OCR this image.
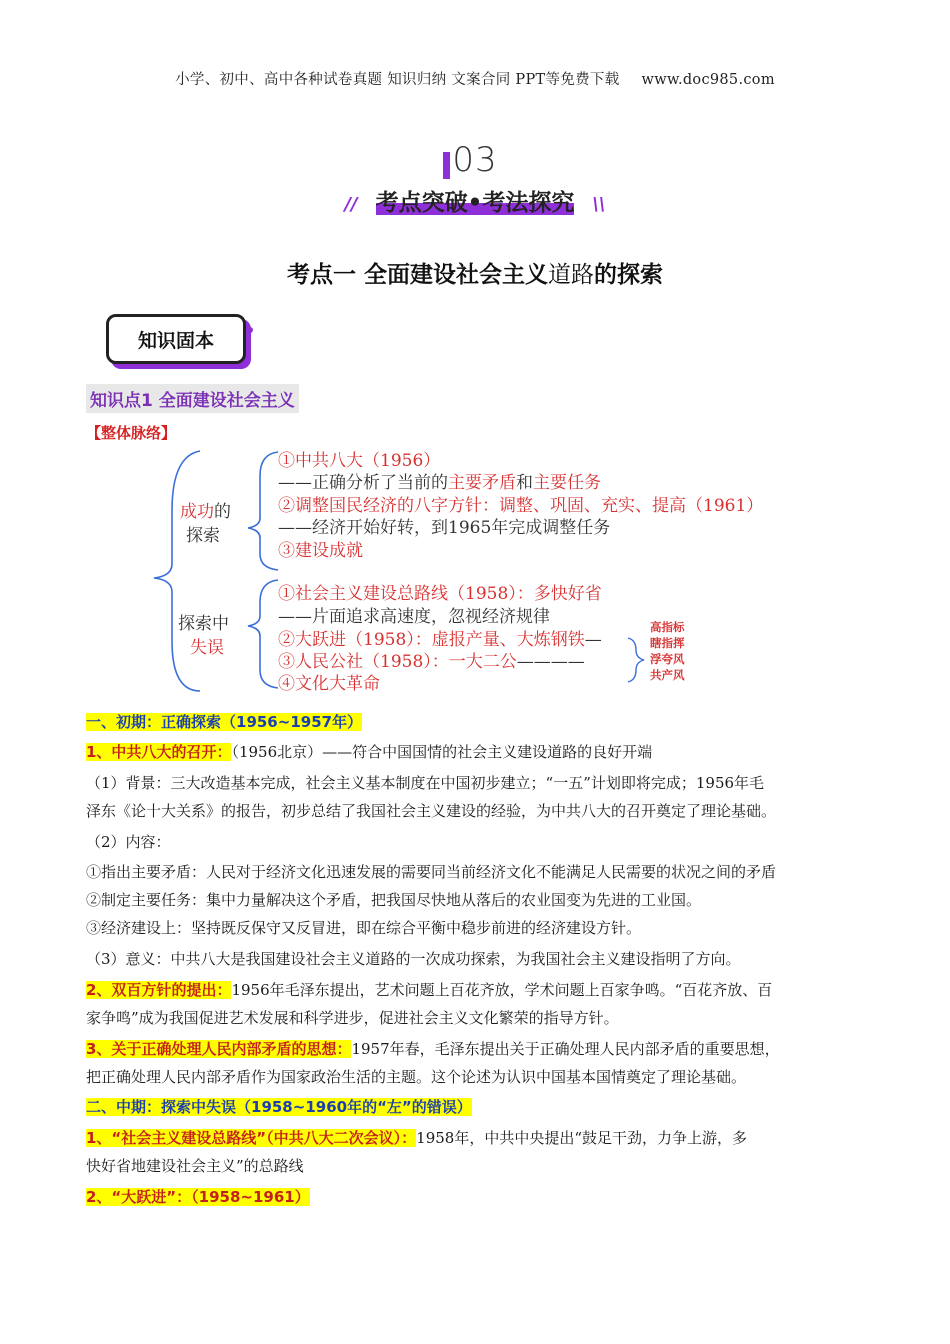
小学、初中、高中各种试卷真题 知识归纳 文案合同 PPT等免费下载 www.doc985.com
03
// 考点突破•考法探究 \\
考点一 全面建设社会主义道路的探索
知识固本
知识点1 全面建设社会主义
【整体脉络】
成功的
探索
①中共八大（1956）
——正确分析了当前的主要矛盾和主要任务
②调整国民经济的八字方针：调整、巩固、充实、提高（1961）
——经济开始好转，到1965年完成调整任务
③建设成就
探索中
失误
①社会主义建设总路线（1958）：多快好省
——片面追求高速度，忽视经济规律
②大跃进（1958）：虚报产量、大炼钢铁—
③人民公社（1958）：一大二公————
④文化大革命
高指标
瞎指挥
浮夸风
共产风
一、初期：正确探索（1956~1957年）
1、中共八大的召开：（1956北京）——符合中国国情的社会主义建设道路的良好开端
（1）背景：三大改造基本完成，社会主义基本制度在中国初步建立；“一五”计划即将完成；1956年毛
泽东《论十大关系》的报告，初步总结了我国社会主义建设的经验，为中共八大的召开奠定了理论基础。
（2）内容：
①指出主要矛盾：人民对于经济文化迅速发展的需要同当前经济文化不能满足人民需要的状况之间的矛盾
②制定主要任务：集中力量解决这个矛盾，把我国尽快地从落后的农业国变为先进的工业国。
③经济建设上：坚持既反保守又反冒进，即在综合平衡中稳步前进的经济建设方针。
（3）意义：中共八大是我国建设社会主义道路的一次成功探索，为我国社会主义建设指明了方向。
2、双百方针的提出：1956年毛泽东提出，艺术问题上百花齐放，学术问题上百家争鸣。“百花齐放、百
家争鸣”成为我国促进艺术发展和科学进步，促进社会主义文化繁荣的指导方针。
3、关于正确处理人民内部矛盾的思想：1957年春，毛泽东提出关于正确处理人民内部矛盾的重要思想，
把正确处理人民内部矛盾作为国家政治生活的主题。这个论述为认识中国基本国情奠定了理论基础。
二、中期：探索中失误（1958~1960年的“左”的错误）
1、“社会主义建设总路线”（中共八大二次会议）：1958年，中共中央提出“鼓足干劲，力争上游，多
快好省地建设社会主义”的总路线
2、“大跃进”：（1958~1961）
